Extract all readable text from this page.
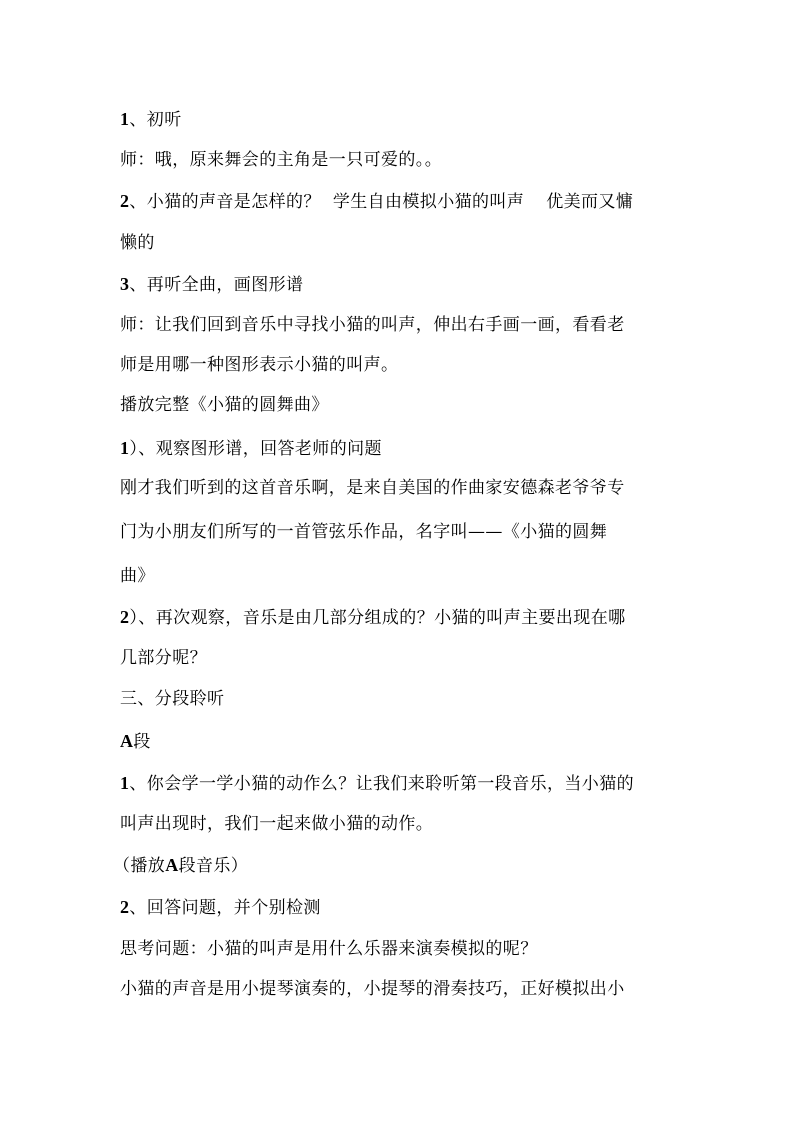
1、初听
师：哦，原来舞会的主角是一只可爱的。。
2、小猫的声音是怎样的？ 学生自由模拟小猫的叫声 优美而又慵
懒的
3、再听全曲，画图形谱
师：让我们回到音乐中寻找小猫的叫声，伸出右手画一画，看看老
师是用哪一种图形表示小猫的叫声。
播放完整《小猫的圆舞曲》
1）、观察图形谱，回答老师的问题
刚才我们听到的这首音乐啊，是来自美国的作曲家安德森老爷爷专
门为小朋友们所写的一首管弦乐作品，名字叫——《小猫的圆舞
曲》
2）、再次观察，音乐是由几部分组成的？小猫的叫声主要出现在哪
几部分呢？
三、分段聆听
A段
1、你会学一学小猫的动作么？让我们来聆听第一段音乐，当小猫的
叫声出现时，我们一起来做小猫的动作。
（播放A段音乐）
2、回答问题，并个别检测
思考问题：小猫的叫声是用什么乐器来演奏模拟的呢？
小猫的声音是用小提琴演奏的，小提琴的滑奏技巧，正好模拟出小
